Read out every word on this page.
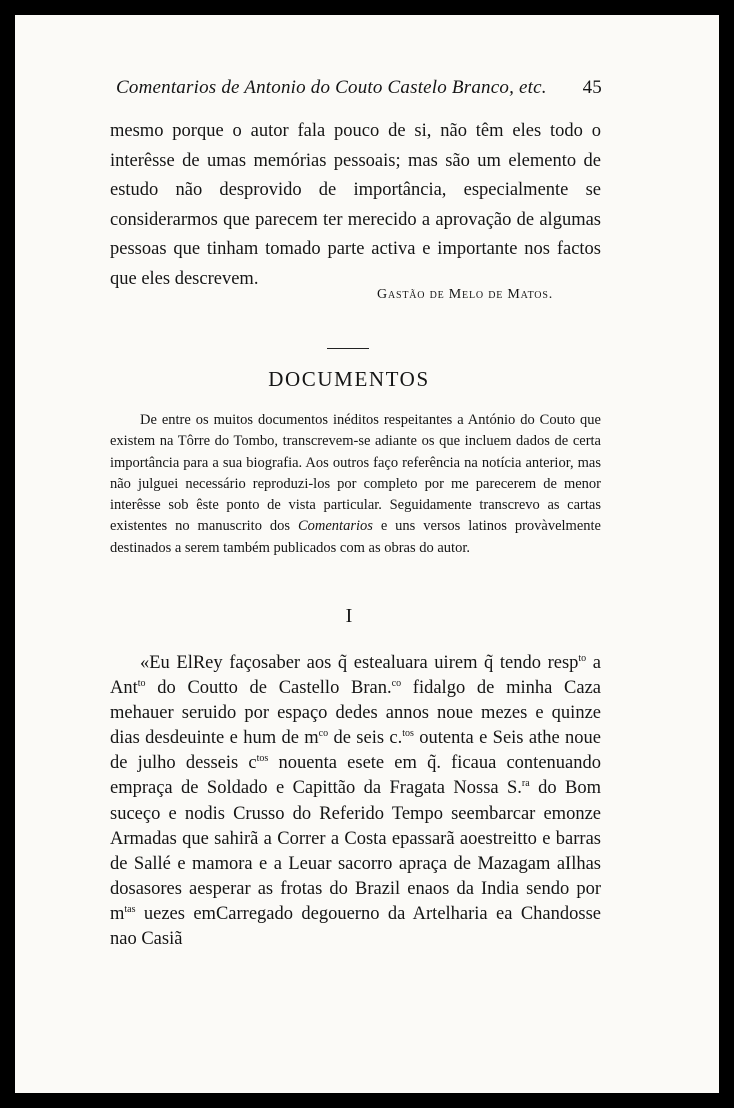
Comentarios de Antonio do Couto Castelo Branco, etc. 45

mesmo porque o autor fala pouco de si, não têm eles todo o interêsse de umas memórias pessoais; mas são um elemento de estudo não desprovido de importância, especialmente se considerarmos que parecem ter merecido a aprovação de algumas pessoas que tinham tomado parte activa e importante nos factos que eles descrevem.

Gastão de Melo de Matos.
DOCUMENTOS

De entre os muitos documentos inéditos respeitantes a António do Couto que existem na Tôrre do Tombo, transcrevem-se adiante os que incluem dados de certa importância para a sua biografia. Aos outros faço referência na notícia anterior, mas não julguei necessário reproduzi-los por completo por me parecerem de menor interêsse sob êste ponto de vista particular. Seguidamente transcrevo as cartas existentes no manuscrito dos Comentarios e uns versos latinos provàvelmente destinados a serem também publicados com as obras do autor.

I

«Eu ElRey façosaber aos q̃ estealuara uirem q̃ tendo resp$^{to}$ a Ant$^{to}$ do Coutto de Castello Bran.$^{co}$ fidalgo de minha Caza mehauer seruido por espaço dedes annos noue mezes e quinze dias desdeuinte e hum de $m^{co}$ de seis c.$^{tos}$ outenta e Seis athe noue de julho desseis $c^{tos}$ nouenta esete em q̃. ficaua contenuando empraça de Soldado e Capittão da Fragata Nossa S.$^{ra}$ do Bom suceço e nodis Crusso do Referido Tempo seembarcar emonze Armadas que sahirã a Correr a Costa epassarã aoestreitto e barras de Sallé e mamora e a Leuar sacorro apraça de Mazagam aIlhas dosasores aesperar as frotas do Brazil enaos da India sendo por $m^{tas}$ uezes emCarregado degouerno da Artelharia ea Chandosse nao Casiã
